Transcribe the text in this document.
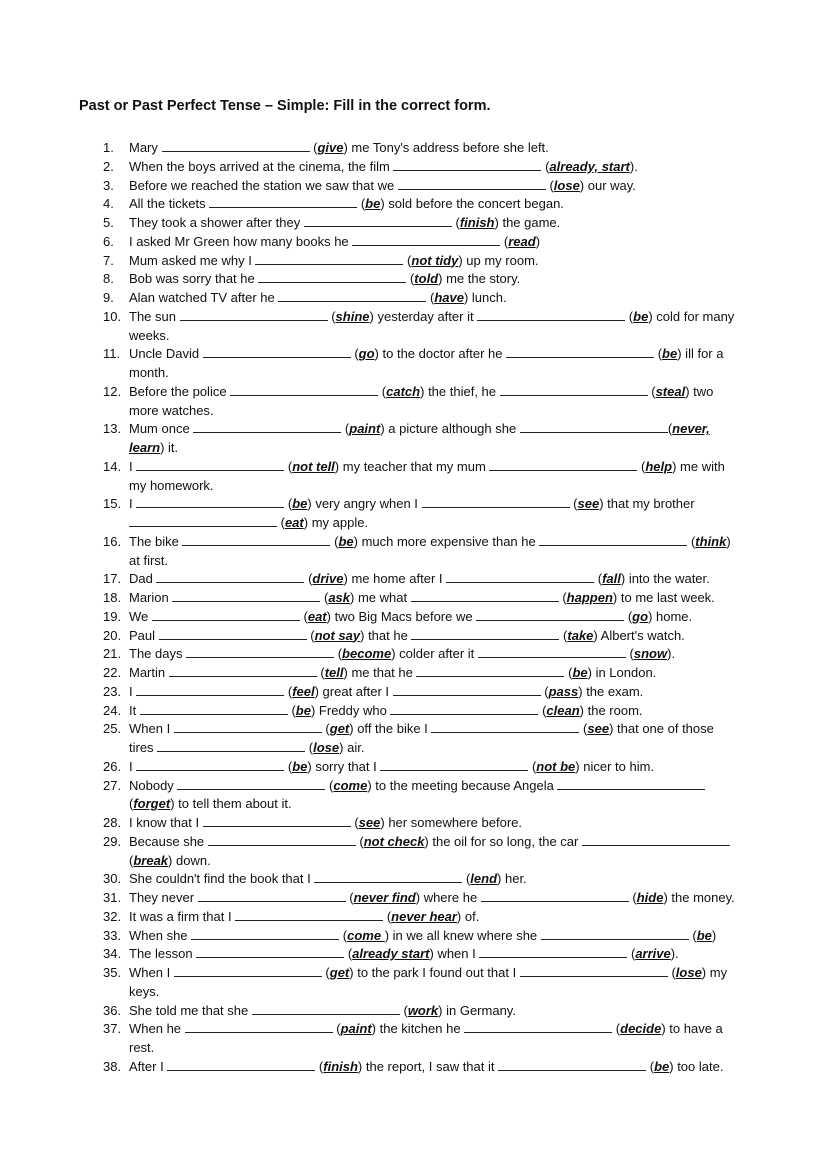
Past or Past Perfect Tense – Simple: Fill in the correct form.
1.	Mary	(give) me Tony's address before she left.
2.	When the boys arrived at the cinema, the film	(already, start).
3.	Before we reached the station we saw that we	(lose) our way.
4.	All the tickets	(be) sold before the concert began.
5.	They took a shower after they	(finish) the game.
6.	I asked Mr Green how many books he	(read)
7.	Mum asked me why I	(not tidy) up my room.
8.	Bob was sorry that he	(told) me the story.
9.	Alan watched TV after he	(have) lunch.
10. The sun	(shine) yesterday after it	(be) cold for many
weeks.
11. Uncle David	(go) to the doctor after he	(be) ill for a
month.
12. Before the police	(catch) the thief, he	(steal) two
more watches.
13. Mum once	(paint) a picture although she	(never,
learn) it.
14. I	(not tell) my teacher that my mum	(help) me with
my homework.
15. I	(be) very angry when I	(see) that my brother
(eat) my apple.
16. The bike	(be) much more expensive than he	(think)
at first.
17. Dad	(drive) me home after I	(fall) into the water.
18. Marion	(ask) me what	(happen) to me last week.
19. We	(eat) two Big Macs before we	(go) home.
20. Paul	(not say) that he	(take) Albert's watch.
21. The days	(become) colder after it	(snow).
22. Martin	(tell) me that he	(be) in London.
23. I	(feel) great after I	(pass) the exam.
24. It	(be) Freddy who	(clean) the room.
25. When I	(get) off the bike I	(see) that one of those
tires	(lose) air.
26. I	(be) sorry that I	(not be) nicer to him.
27. Nobody	(come) to the meeting because Angela
(forget) to tell them about it.
28. I know that I	(see) her somewhere before.
29. Because she	(not check) the oil for so long, the car
(break) down.
30. She couldn't find the book that I	(lend) her.
31. They never	(never find) where he	(hide) the money.
32. It was a firm that I	(never hear) of.
33. When she	(come ) in we all knew where she	(be)
34. The lesson	(already start) when I	(arrive).
35. When I	(get) to the park I found out that I	(lose) my
keys.
36. She told me that she	(work) in Germany.
37. When he	(paint) the kitchen he	(decide) to have a
rest.
38. After I	(finish) the report, I saw that it	(be) too late.
